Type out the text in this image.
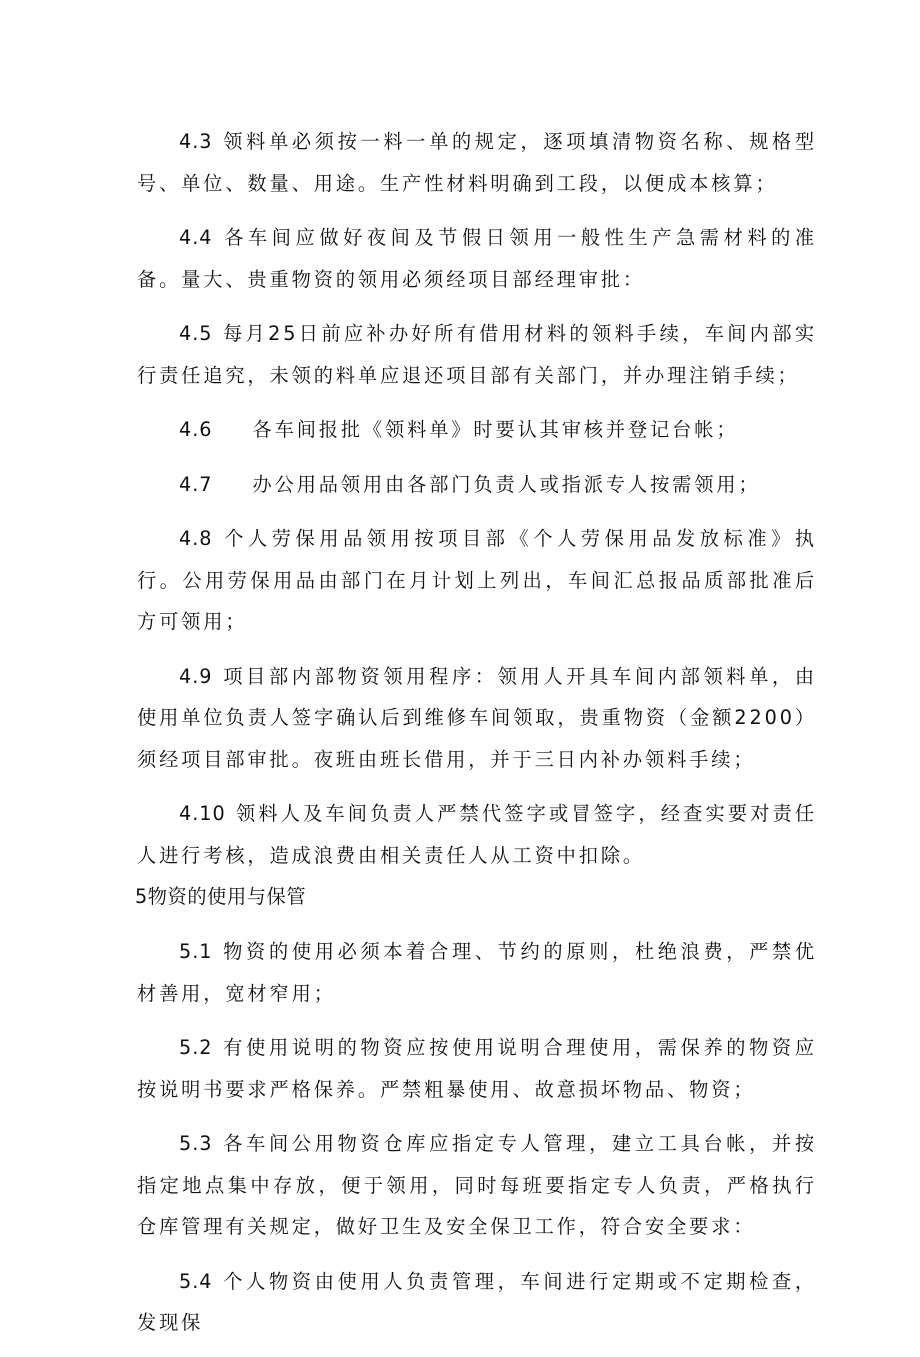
4.3 领料单必须按一料一单的规定，逐项填清物资名称、规格型号、单位、数量、用途。生产性材料明确到工段，以便成本核算；

4.4 各车间应做好夜间及节假日领用一般性生产急需材料的准备。量大、贵重物资的领用必须经项目部经理审批：

4.5 每月25日前应补办好所有借用材料的领料手续，车间内部实行责任追究，未领的料单应退还项目部有关部门，并办理注销手续；

4.6 各车间报批《领料单》时要认其审核并登记台帐；

4.7 办公用品领用由各部门负责人或指派专人按需领用；

4.8 个人劳保用品领用按项目部《个人劳保用品发放标准》执行。公用劳保用品由部门在月计划上列出，车间汇总报品质部批准后方可领用；

4.9 项目部内部物资领用程序：领用人开具车间内部领料单，由使用单位负责人签字确认后到维修车间领取，贵重物资（金额2200）须经项目部审批。夜班由班长借用，并于三日内补办领料手续；

4.10 领料人及车间负责人严禁代签字或冒签字，经查实要对责任人进行考核，造成浪费由相关责任人从工资中扣除。

5物资的使用与保管

5.1 物资的使用必须本着合理、节约的原则，杜绝浪费，严禁优材善用，宽材窄用；

5.2 有使用说明的物资应按使用说明合理使用，需保养的物资应按说明书要求严格保养。严禁粗暴使用、故意损坏物品、物资；

5.3 各车间公用物资仓库应指定专人管理，建立工具台帐，并按指定地点集中存放，便于领用，同时每班要指定专人负责，严格执行仓库管理有关规定，做好卫生及安全保卫工作，符合安全要求：

5.4 个人物资由使用人负责管理，车间进行定期或不定期检查，发现保
